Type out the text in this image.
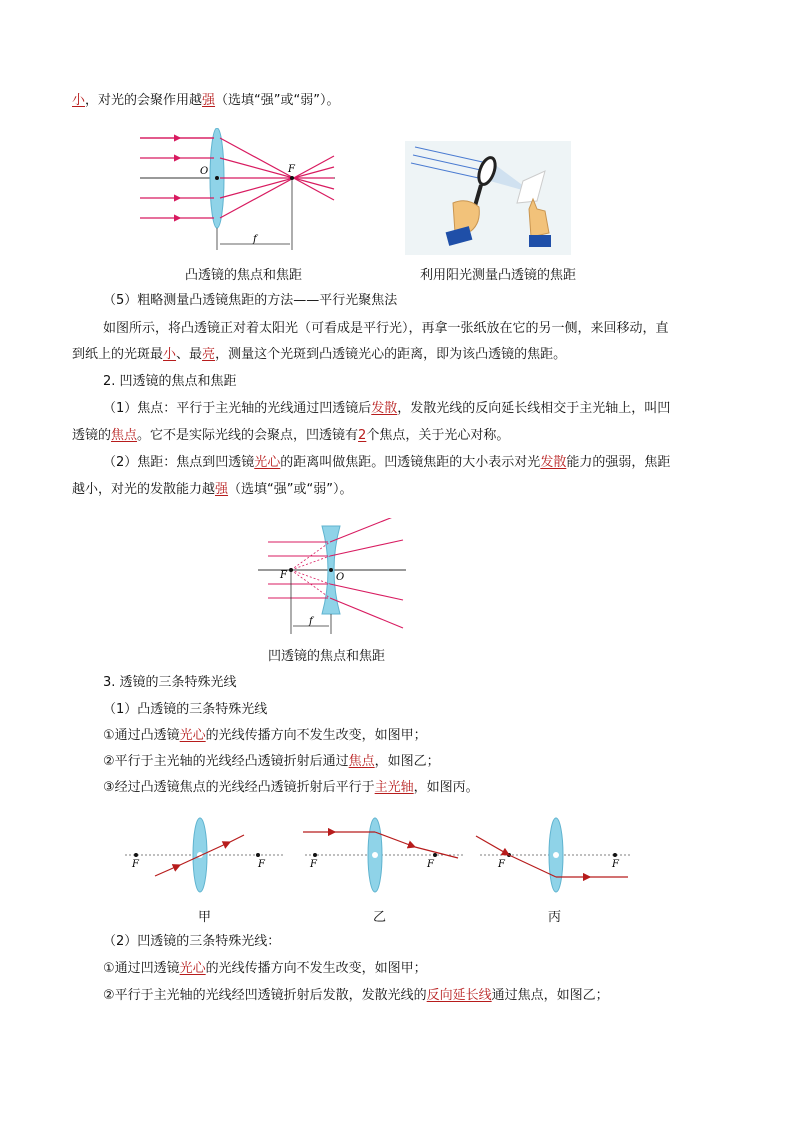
小，对光的会聚作用越强（选填“强”或“弱”）。
O	F
f
凸透镜的焦点和焦距	利用阳光测量凸透镜的焦距
（5）粗略测量凸透镜焦距的方法——平行光聚焦法
如图所示，将凸透镜正对着太阳光（可看成是平行光），再拿一张纸放在它的另一侧，来回移动，直
到纸上的光斑最小、最亮，测量这个光斑到凸透镜光心的距离，即为该凸透镜的焦距。
2. 凹透镜的焦点和焦距
（1）焦点：平行于主光轴的光线通过凹透镜后发散，发散光线的反向延长线相交于主光轴上，叫凹
透镜的焦点。它不是实际光线的会聚点，凹透镜有2个焦点，关于光心对称。
（2）焦距：焦点到凹透镜光心的距离叫做焦距。凹透镜焦距的大小表示对光发散能力的强弱，焦距
越小，对光的发散能力越强（选填“强”或“弱”）。
F	O
f
凹透镜的焦点和焦距
3. 透镜的三条特殊光线
（1）凸透镜的三条特殊光线
①通过凸透镜光心的光线传播方向不发生改变，如图甲；
②平行于主光轴的光线经凸透镜折射后通过焦点，如图乙；
③经过凸透镜焦点的光线经凸透镜折射后平行于主光轴，如图丙。
F	F	F	F	F	F
甲	乙	丙
（2）凹透镜的三条特殊光线：
①通过凹透镜光心的光线传播方向不发生改变，如图甲；
②平行于主光轴的光线经凹透镜折射后发散，发散光线的反向延长线通过焦点，如图乙；
